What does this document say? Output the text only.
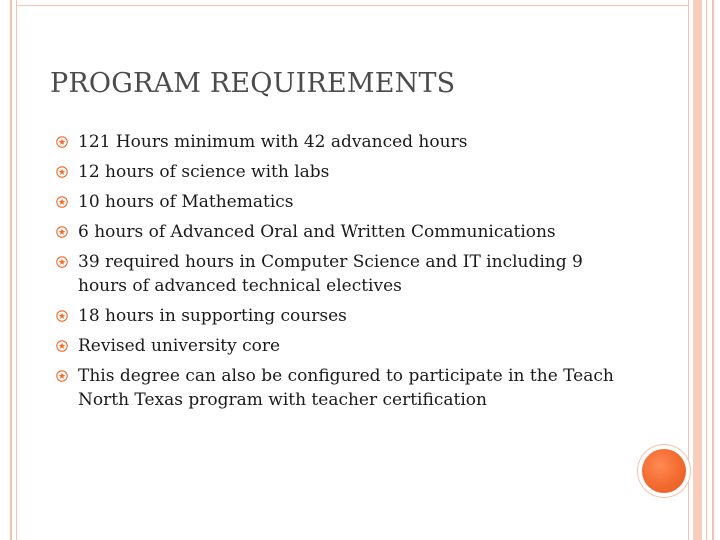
PROGRAM REQUIREMENTS
121 Hours minimum with 42 advanced hours
12 hours of science with labs
10 hours of Mathematics
6 hours of Advanced Oral and Written Communications
39 required hours in Computer Science and IT including 9 hours of advanced technical electives
18 hours in supporting courses
Revised university core
This degree can also be configured to participate in the Teach North Texas program with teacher certification
